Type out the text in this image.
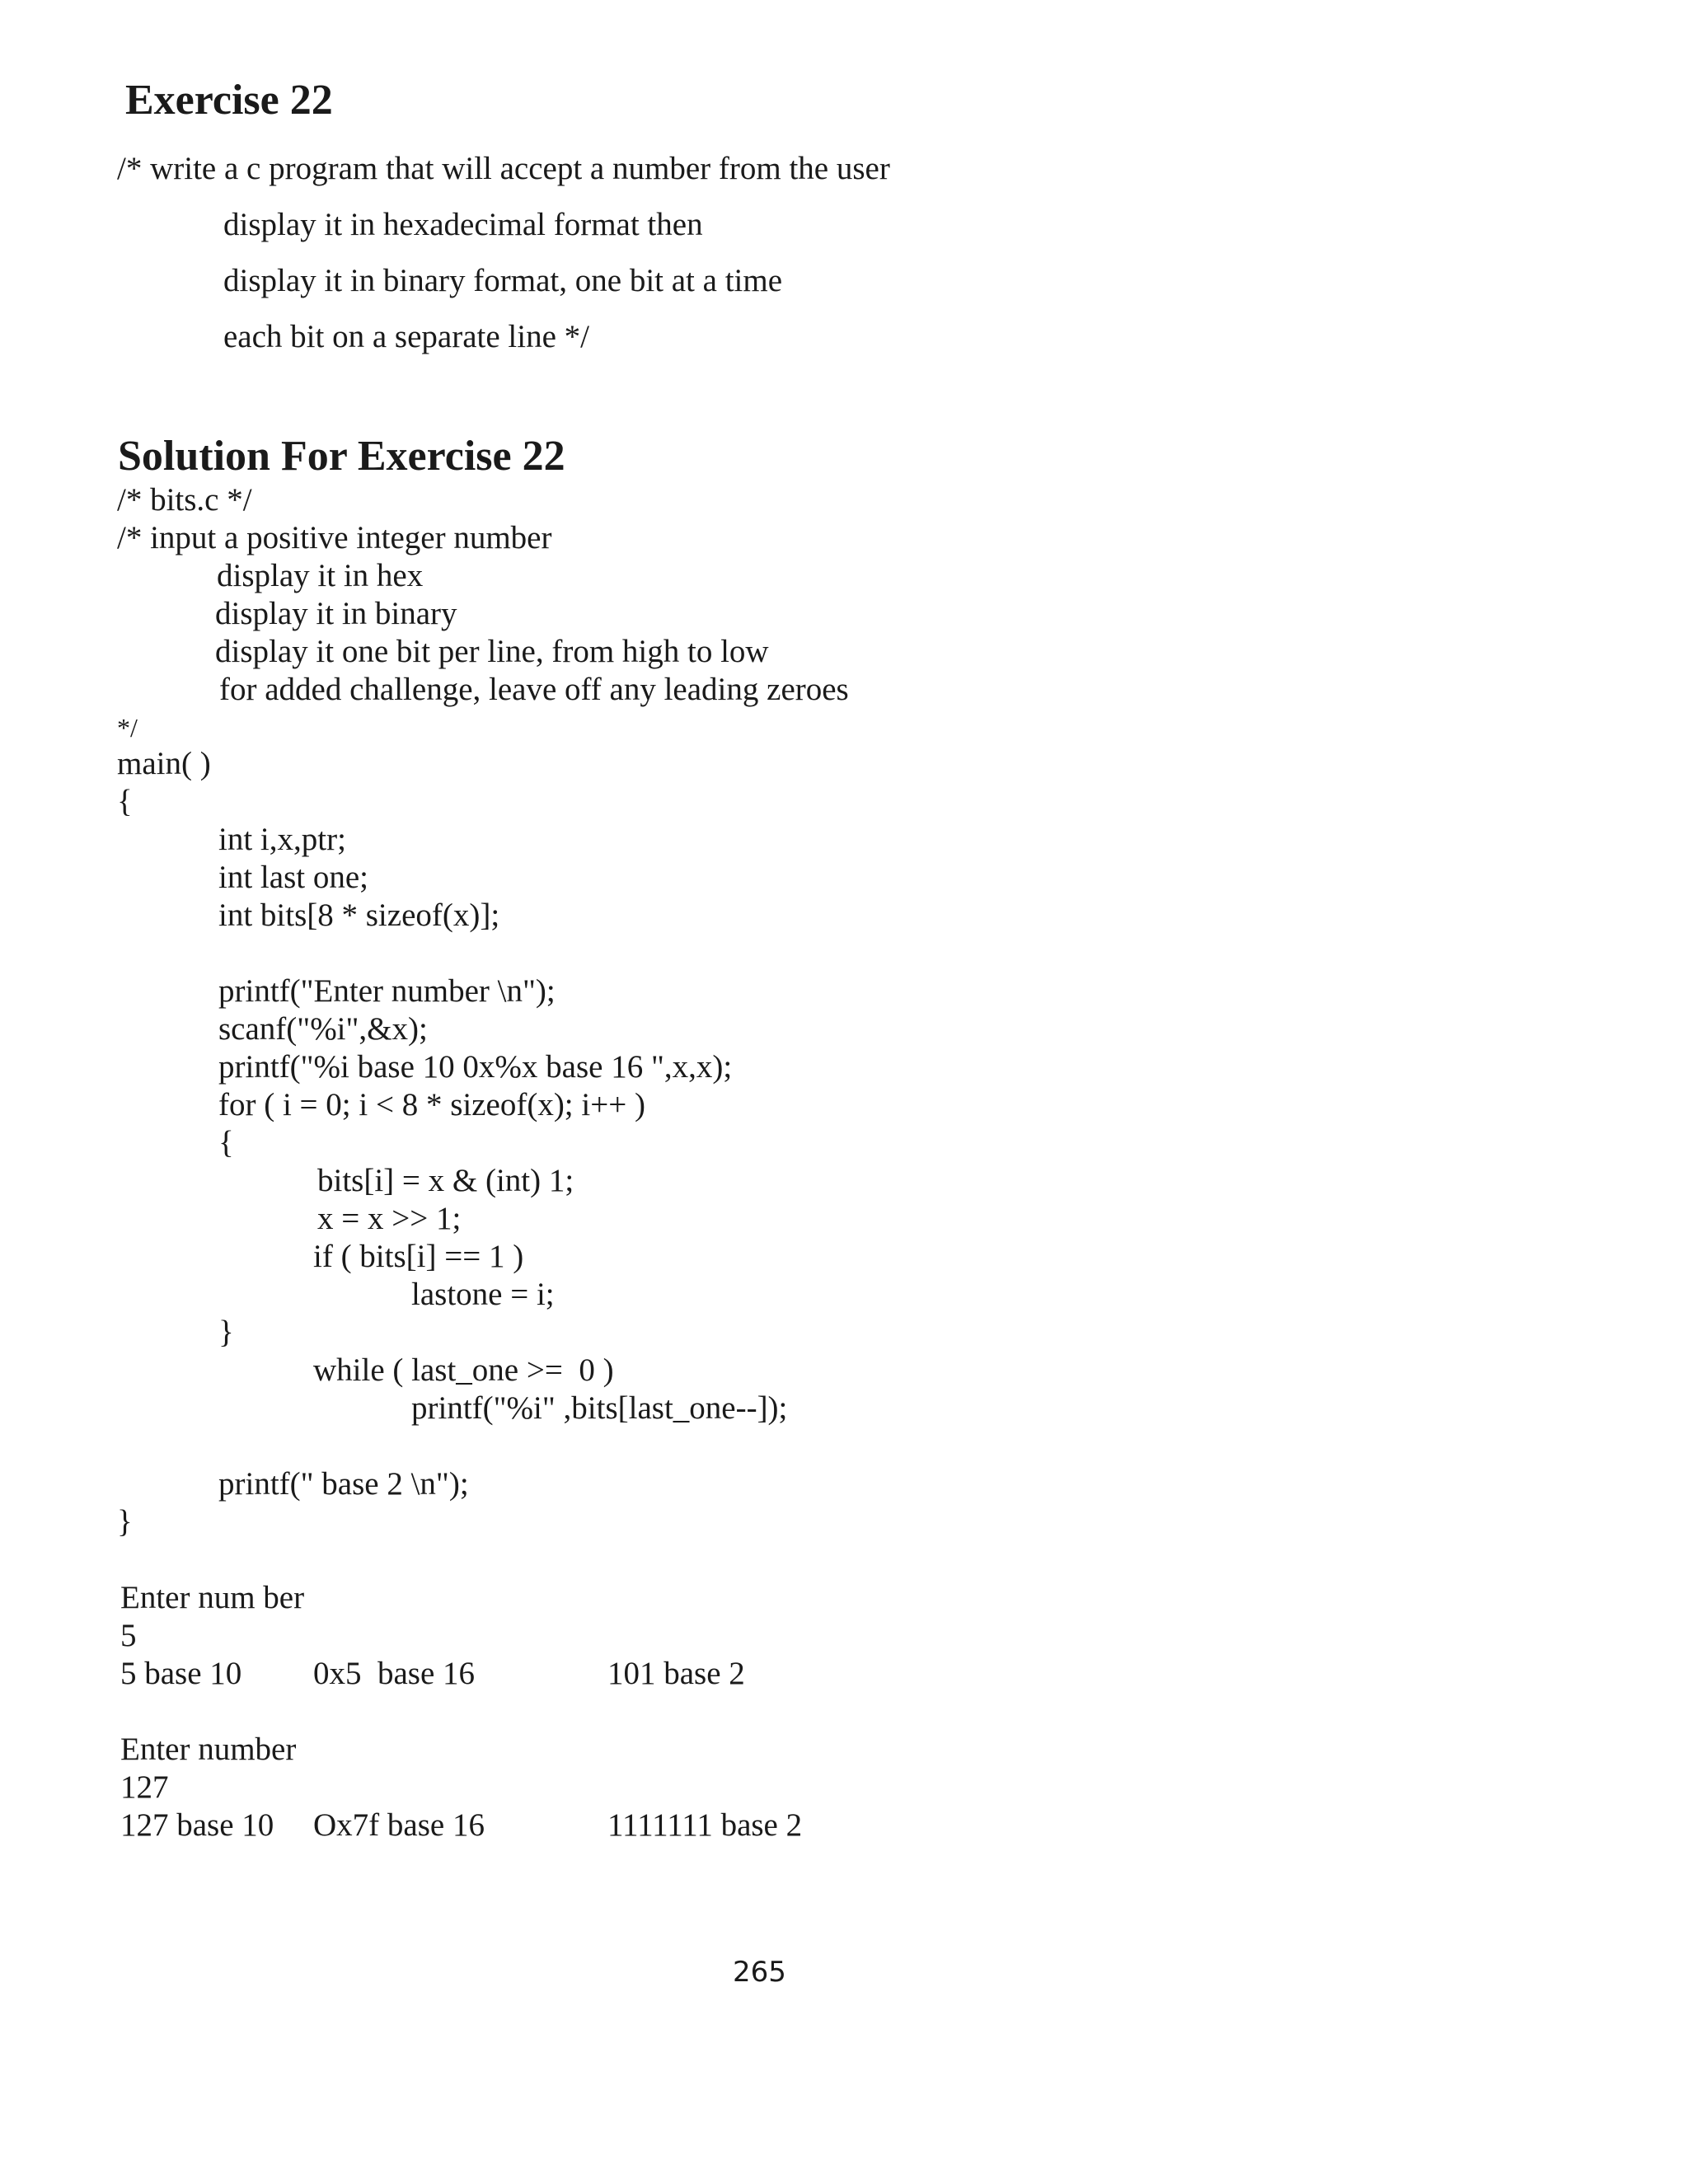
Exercise 22
/* write a c program that will accept a number from the user
display it in hexadecimal format then
display it in binary format, one bit at a time
each bit on a separate line */
Solution For Exercise 22
/* bits.c */
/* input a positive integer number
display it in hex
display it in binary
display it one bit per line, from high to low
for added challenge, leave off any leading zeroes
*/
main( )
{
int i,x,ptr;
int last one;
int bits[8 * sizeof(x)];
printf("Enter number \n");
scanf("%i",&x);
printf("%i base 10 0x%x base 16 ",x,x);
for ( i = 0; i < 8 * sizeof(x); i++ )
{
bits[i] = x & (int) 1;
x = x >> 1;
if ( bits[i] == 1 )
lastone = i;
}
while ( last_one >=  0 )
printf("%i" ,bits[last_one--]);
printf(" base 2 \n");
}
Enter num ber
5
5 base 10 0x5  base 16	101 base 2
Enter number
127
127 base 10 Ox7f base 16	1111111 base 2
265
